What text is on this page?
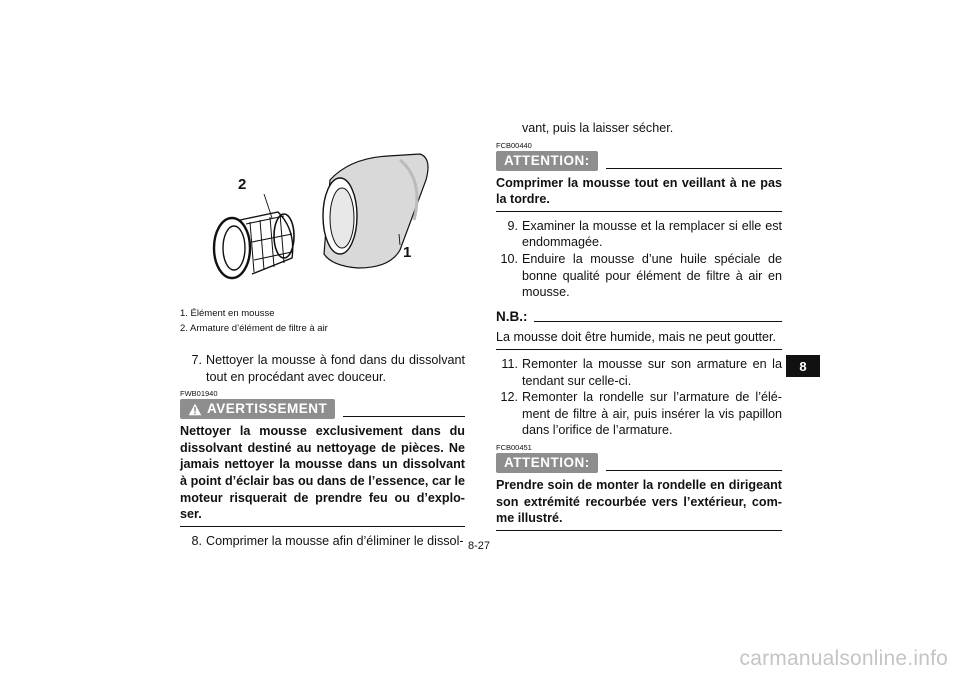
2
1
1. Élément en mousse
2. Armature d’élément de filtre à air
7. Nettoyer la mousse à fond dans du dissolvant tout en procédant avec douceur.
FWB01940
AVERTISSEMENT
Nettoyer la mousse exclusivement dans du dissolvant destiné au nettoyage de pièces. Ne jamais nettoyer la mousse dans un dissolvant à point d’éclair bas ou dans de l’essence, car le moteur risquerait de prendre feu ou d’explo-ser.
8. Comprimer la mousse afin d’éliminer le dissol-
vant, puis la laisser sécher.
FCB00440
ATTENTION:
Comprimer la mousse tout en veillant à ne pas la tordre.
9. Examiner la mousse et la remplacer si elle est endommagée.
10. Enduire la mousse d’une huile spéciale de bonne qualité pour élément de filtre à air en mousse.
N.B.:
La mousse doit être humide, mais ne peut goutter.
11. Remonter la mousse sur son armature en la tendant sur celle-ci.
12. Remonter la rondelle sur l’armature de l’élé-ment de filtre à air, puis insérer la vis papillon dans l’orifice de l’armature.
FCB00451
ATTENTION:
Prendre soin de monter la rondelle en dirigeant son extrémité recourbée vers l’extérieur, com-me illustré.
8-27
8
carmanualsonline.info
